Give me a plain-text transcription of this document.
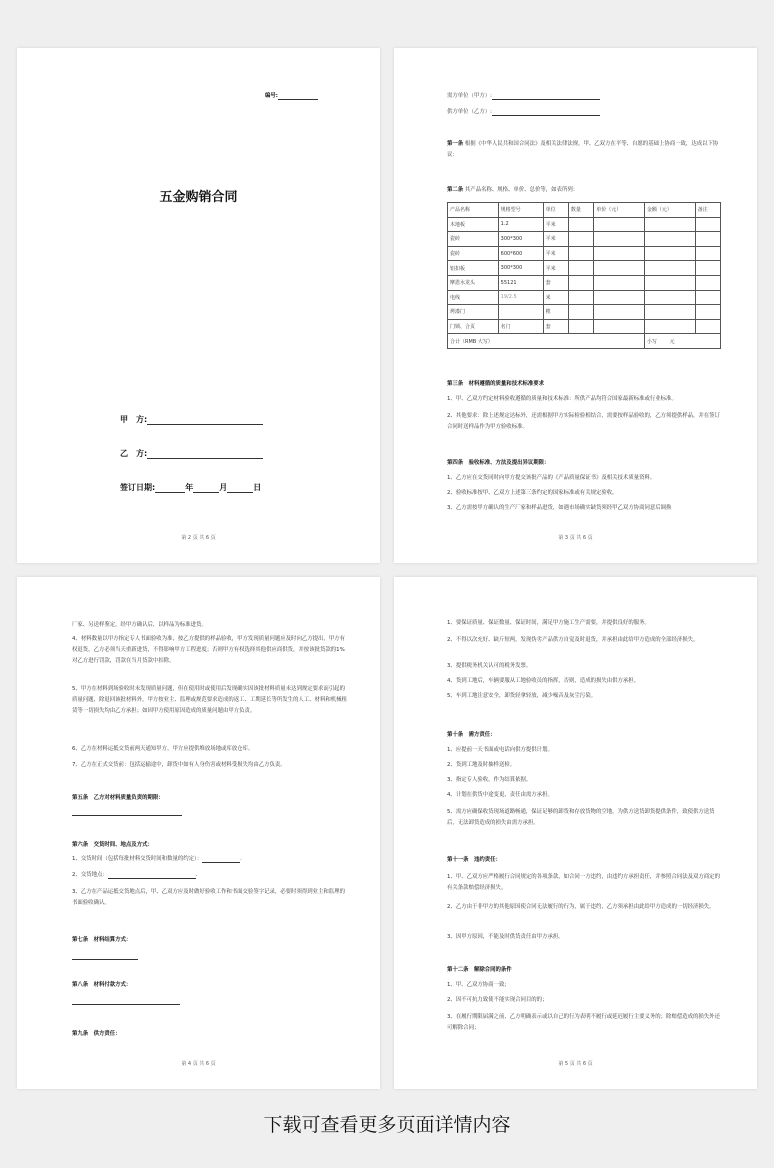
编号:
五金购销合同
甲　方:
乙　方:
签订日期:	年	月	日
第 2 页 共 6 页
需方单位（甲方）:
供方单位（乙方）:
第一条 根据《中华人民共和国合同法》及相关法律法规，甲、乙双方在平等、自愿的基础上协商一致，达成以下协议：
第二条 其产品名称、规格、单价、总价等，如表所列：
产品名称	规格型号	单位	数量	单价（元）	金额（元）	备注
木地板	1.2	平米				
瓷砖	300*300	平米				
瓷砖	600*600	平米				
铝扣板	300*300	平米				
摩恩水龙头	55121	套				
电线	19/2.5	米				
烤漆门		樘				
门锁、合页	名门	套				
合计（RMB 大写）					小写 元	
第三条　材料遵循的质量和技术标准要求
1、甲、乙双方约定材料验收遵循的质量和技术标准：所供产品均符合国家最新标准或行业标准。
2、其他要求：除上述规定达标外，还需根据甲方实际检验相结合，需要按样品验收的，乙方须提供样品，并在签订合同时送样品作为甲方验收标准。
第四条　验收标准、方法及提出异议期限：
1、乙方应在交货同时向甲方提交该批产品的《产品质量保证书》及相关技术质量资料。
2、验收标准按甲、乙双方上述第三条约定的国家标准或有关规定验收。
3、乙方需按甲方确认的生产厂家和样品进货，如遇市场确实缺货须经甲乙双方协商同意后调换
第 3 页 共 6 页
厂家、另送样鉴定，经甲方确认后，以样品为标准进货。
4、材料数量以甲方指定专人书面验收为准，按乙方提供的样品验收，甲方发现质量问题应及时向乙方提出，甲方有权退货，乙方必须当天重新进货，不得影响甲方工程进度；否则甲方有权选择其他供应商供货，并按该批货款的1%对乙方进行罚款，罚款在当月货款中扣除。
5、甲方在材料到场验收时未发现质量问题，但在使用时或使用后发现确实因该批材料质量未达到规定要求而引起的质量问题，除退回该批材料外，甲方按业主、监理或规范要求造成的返工、工期延长等所发生的人工、材料和机械租赁等一切损失均由乙方承担；如因甲方使用原因造成的质量问题由甲方负责。
6、乙方在材料运抵交货前两天通知甲方，甲方应提供堆放场地或库放仓库。
7、乙方在正式交货前：包括运输途中，卸货中如有人身伤害或材料受损失均由乙方负责。
第五条　乙方对材料质量负责的期限：
第六条　交货时间、地点及方式：
1、交货时间（包括每批材料交货时间和数量的约定）：	.
2、交货地点：	.
3、乙方在产品运抵交货地点后，甲、乙双方应及时做好验收工作和书面交验签字记录，必要时须得到业主和监理的书面验收确认。
第七条　材料结算方式：
第八条　材料付款方式：
第九条　供方责任：
第 4 页 共 6 页
1、要保证质量、保证数量、保证时间，满足甲方施工生产需要，并提供良好的服务。
2、不得以次充好、缺斤短两，发现伪劣产品供方自觉及时退货，并承担由此给甲方造成的全部经济损失。
3、提供税务机关认可的税务发票。
4、货到工地后，车辆要服从工地验收员的指挥，否则，造成的损失由供方承担。
5、车到工地注意安全，卸货轻拿轻放，减少噪音及灰尘污染。
第十条　需方责任：
1、应提前一天书面或电话向供方提供计划。
2、货到工地及时抽样送检。
3、指定专人验收，作为结算依据。
4、计划在供货中途变更，责任由需方承担。
5、需方应确保收货现场道路畅通，保证足够的卸货和存放货物的空地，为供方送货卸货提供条件，致使供方送货后，无法卸货造成的损失由需方承担。
第十一条　违约责任：
1、甲、乙双方应严格履行合同规定的各项条款，如合同一方违约，由违约方承担责任，并参照合同法及双方商定的有关条款赔偿经济损失。
2、乙方由于非甲方的其他原因使合同无法履行的行为，属于违约，乙方须承担由此给甲方造成的一切经济损失。
3、因甲方原因，不能及时供货责任由甲方承担。
第十二条　解除合同的条件
1、甲、乙双方协商一致；
2、因不可抗力致使不能实现合同目的的；
3、在履行期限届满之前，乙方明确表示或以自己的行为表明不履行或延迟履行主要义务的；除赔偿造成的损失外还可解除合同；
第 5 页 共 6 页
下载可查看更多页面详情内容
